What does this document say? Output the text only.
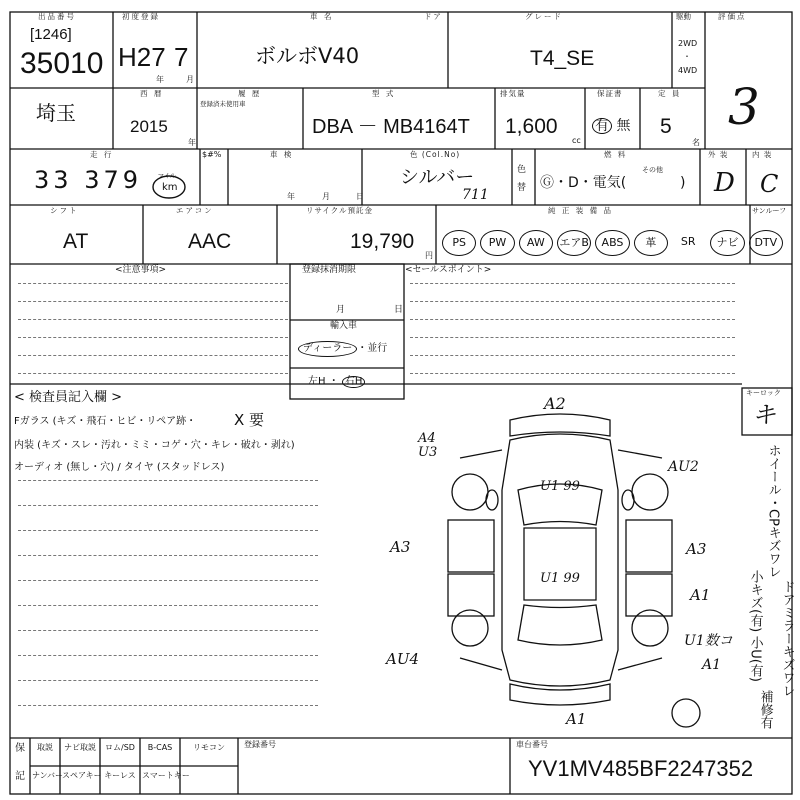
出品番号
[1246]
35010
初度登録
H27 7
年	月
車 名	ドア
ボルボV40
グレード
T4_SE
駆動
2WD
・
4WD
評価点
3
埼玉
西 暦
2015
年
履 歴
登録済未使用車
型 式
DBA － MB4164T
排気量
1,600
cc
保証書
有 無
定 員
5
名
走 行
33 379	マイル
km
$#%	車 検
年	月	日
色 (Col.No)
シルバー
711
色
替
燃 料
その他
Ⓖ・D・電気(	)
外 装	内 装
D C
シフト
AT
エアコン
AAC
リサイクル預託金
19,790
円
純 正 装 備 品	サンルーフ
PS	PW	AW	エアB	ABS	革	SR	ナビ	DTV
<注意事項>	登録抹消期限
月	日
輸入車
ディーラー ・並行
左H ・ 右H
<セールスポイント>
< 検査員記入欄 >
Fガラス (キズ・飛石・ヒビ・リペア跡・	X 要
内装 (キズ・スレ・汚れ・ミミ・コゲ・穴・キレ・破れ・剥れ)
オーディオ (無し・穴) / タイヤ (スタッドレス)
A2
A4
U3
AU2
U1 99
U1 99
A3	A3
A1
U1数コ
A1
AU4
A1
キーロック
キ
ホイール・CPキズワレ
小キズ(有) 小U(有) ドアミラーキズワレ
補修有
保
記
取説	ナビ取説	ロム/SD	B-CAS	リモコン
ナンバー
スペアキー キーレス スマートキー
登録番号	車台番号
YV1MV485BF2247352
